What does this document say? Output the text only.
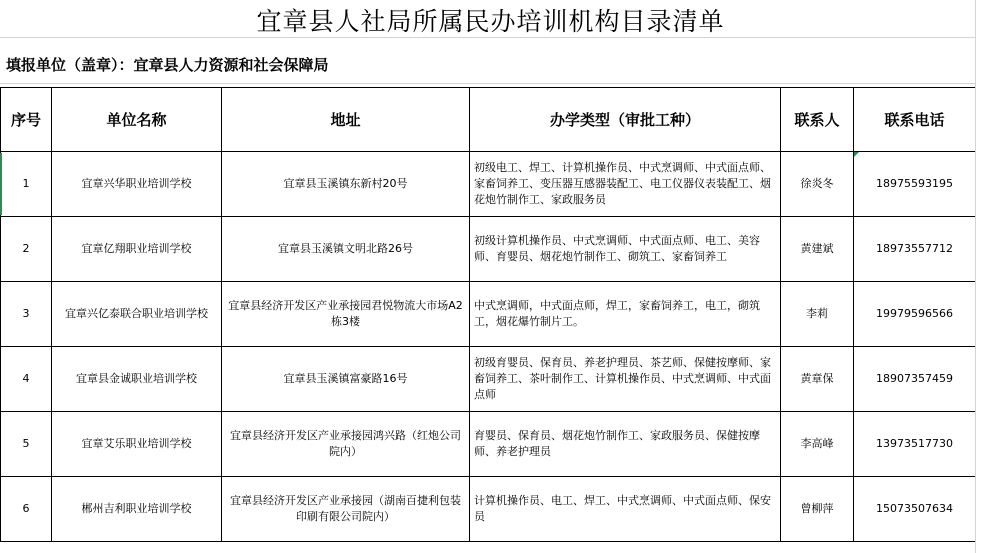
宜章县人社局所属民办培训机构目录清单
填报单位（盖章）：宜章县人力资源和社会保障局
序号	单位名称	地址	办学类型（审批工种）	联系人	联系电话
1	宜章兴华职业培训学校	宜章县玉溪镇东新村20号	初级电工、焊工、计算机操作员、中式烹调师、中式面点师、家畜饲养工、变压器互感器装配工、电工仪器仪表装配工、烟花炮竹制作工、家政服务员	徐炎冬	18975593195
2	宜章亿翔职业培训学校	宜章县玉溪镇文明北路26号	初级计算机操作员、中式烹调师、中式面点师、电工、美容师、育婴员、烟花炮竹制作工、砌筑工、家畜饲养工	黄建斌	18973557712
3	宜章兴亿泰联合职业培训学校	宜章县经济开发区产业承接园君悦物流大市场A2栋3楼	中式烹调师，中式面点师，焊工，家畜饲养工，电工，砌筑工，烟花爆竹制片工。	李莉	19979596566
4	宜章县金诚职业培训学校	宜章县玉溪镇富豪路16号	初级育婴员、保育员、养老护理员、茶艺师、保健按摩师、家畜饲养工、茶叶制作工、计算机操作员、中式烹调师、中式面点师	黄章保	18907357459
5	宜章艾乐职业培训学校	宜章县经济开发区产业承接园鸿兴路（红炮公司院内）	育婴员、保育员、烟花炮竹制作工、家政服务员、保健按摩师、养老护理员	李高峰	13973517730
6	郴州吉利职业培训学校	宜章县经济开发区产业承接园（湖南百捷利包装印刷有限公司院内）	计算机操作员、电工、焊工、中式烹调师、中式面点师、保安员	曾柳萍	15073507634
